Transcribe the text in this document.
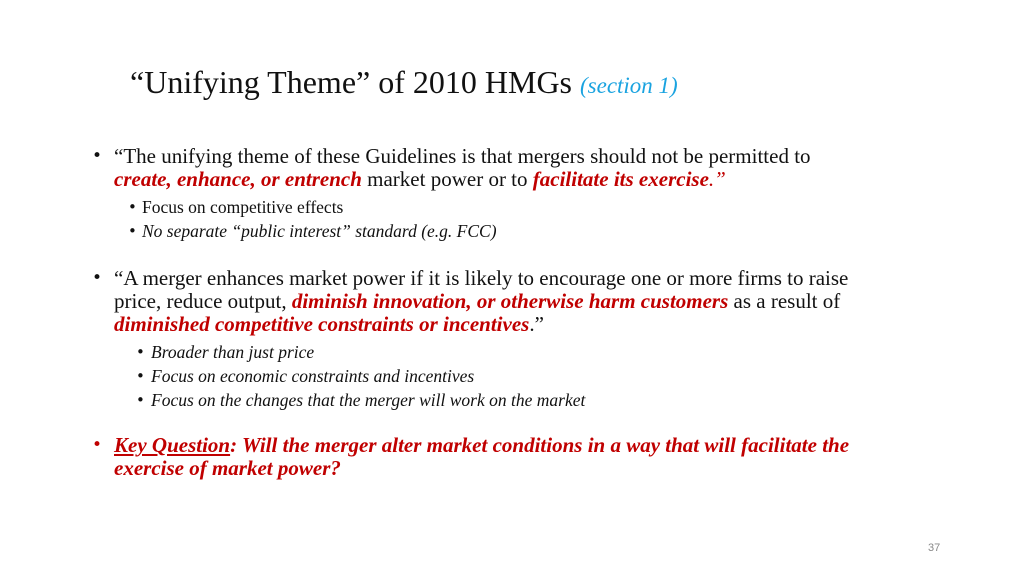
“Unifying Theme” of 2010 HMGs (section 1)
• “The unifying theme of these Guidelines is that mergers should not be permitted to create, enhance, or entrench market power or to facilitate its exercise.”
• Focus on competitive effects
• No separate “public interest” standard (e.g. FCC)
• “A merger enhances market power if it is likely to encourage one or more firms to raise price, reduce output, diminish innovation, or otherwise harm customers as a result of diminished competitive constraints or incentives.”
• Broader than just price
• Focus on economic constraints and incentives
• Focus on the changes that the merger will work on the market
• Key Question: Will the merger alter market conditions in a way that will facilitate the exercise of market power?
37
